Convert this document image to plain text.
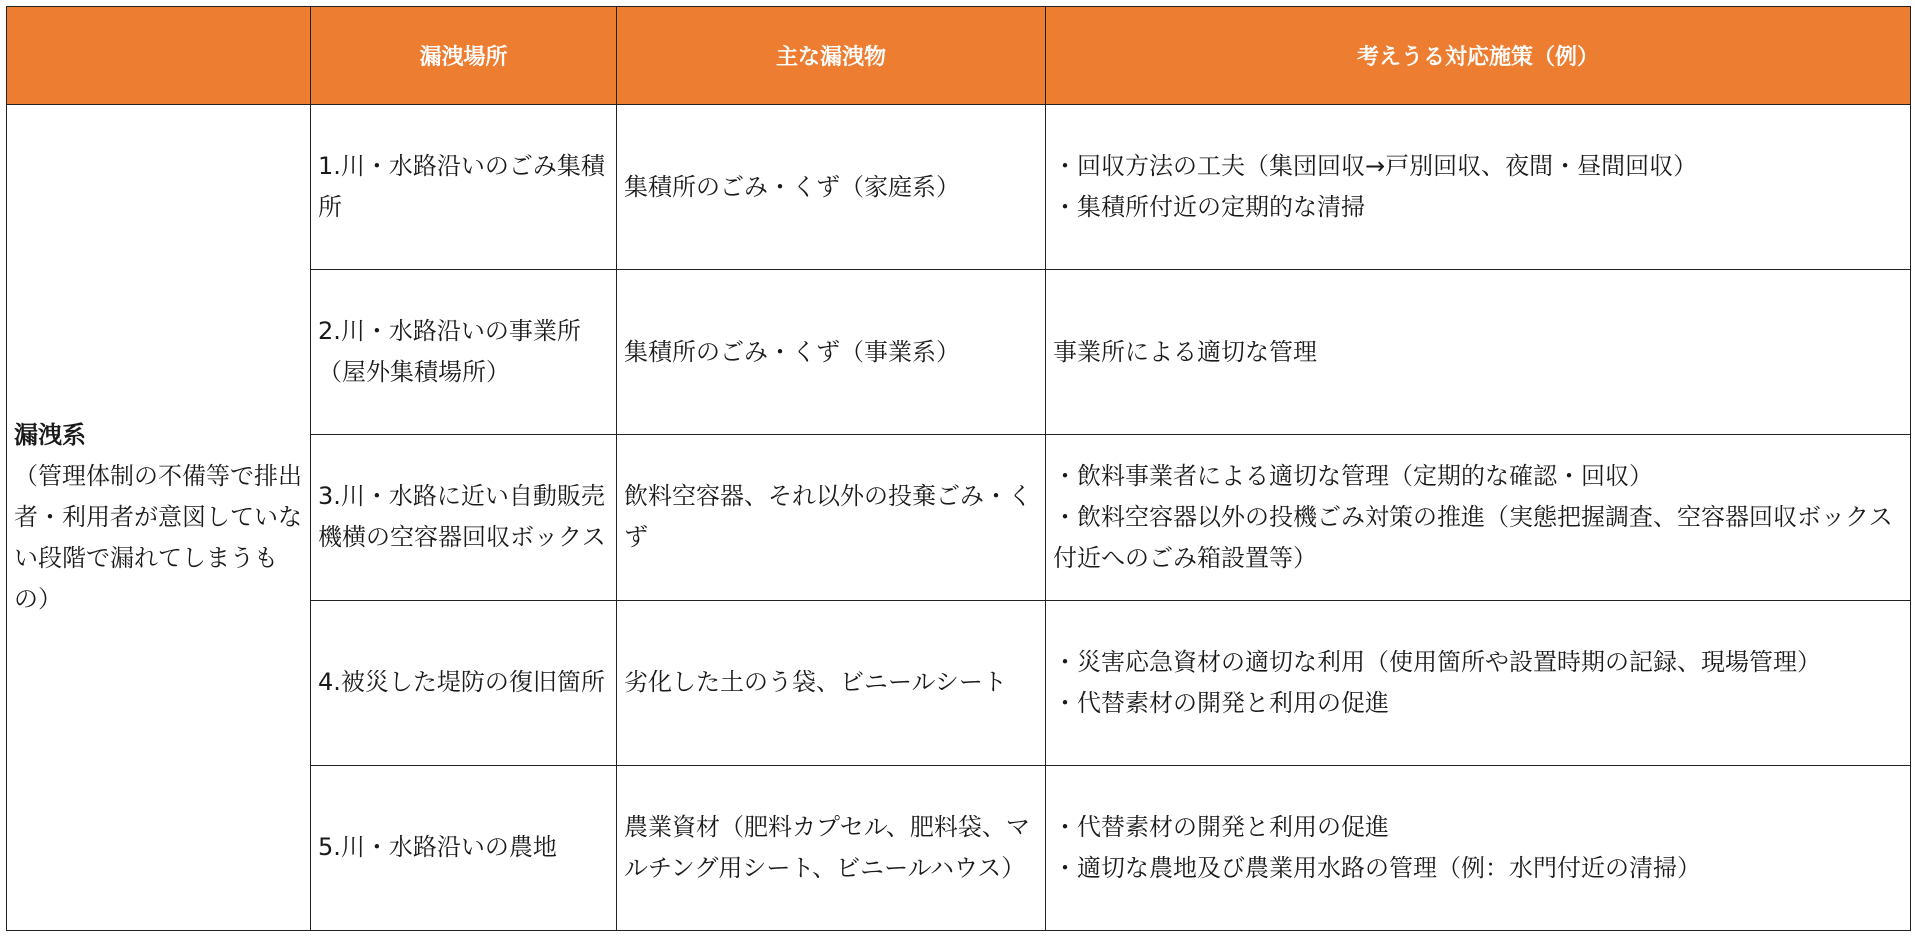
	漏洩場所	主な漏洩物	考えうる対応施策（例）

漏洩系
（管理体制の不備等で排出者・利用者が意図していない段階で漏れてしまうもの）	1.川・水路沿いのごみ集積所	集積所のごみ・くず（家庭系）	・回収方法の工夫（集団回収→戸別回収、夜間・昼間回収）
・集積所付近の定期的な清掃

	2.川・水路沿いの事業所（屋外集積場所）	集積所のごみ・くず（事業系）	事業所による適切な管理

	3.川・水路に近い自動販売機横の空容器回収ボックス	飲料空容器、それ以外の投棄ごみ・くず	・飲料事業者による適切な管理（定期的な確認・回収）
・飲料空容器以外の投機ごみ対策の推進（実態把握調査、空容器回収ボックス付近へのごみ箱設置等）

	4.被災した堤防の復旧箇所	劣化した土のう袋、ビニールシート	・災害応急資材の適切な利用（使用箇所や設置時期の記録、現場管理）
・代替素材の開発と利用の促進

	5.川・水路沿いの農地	農業資材（肥料カプセル、肥料袋、マルチング用シート、ビニールハウス）	・代替素材の開発と利用の促進
・適切な農地及び農業用水路の管理（例：水門付近の清掃）
